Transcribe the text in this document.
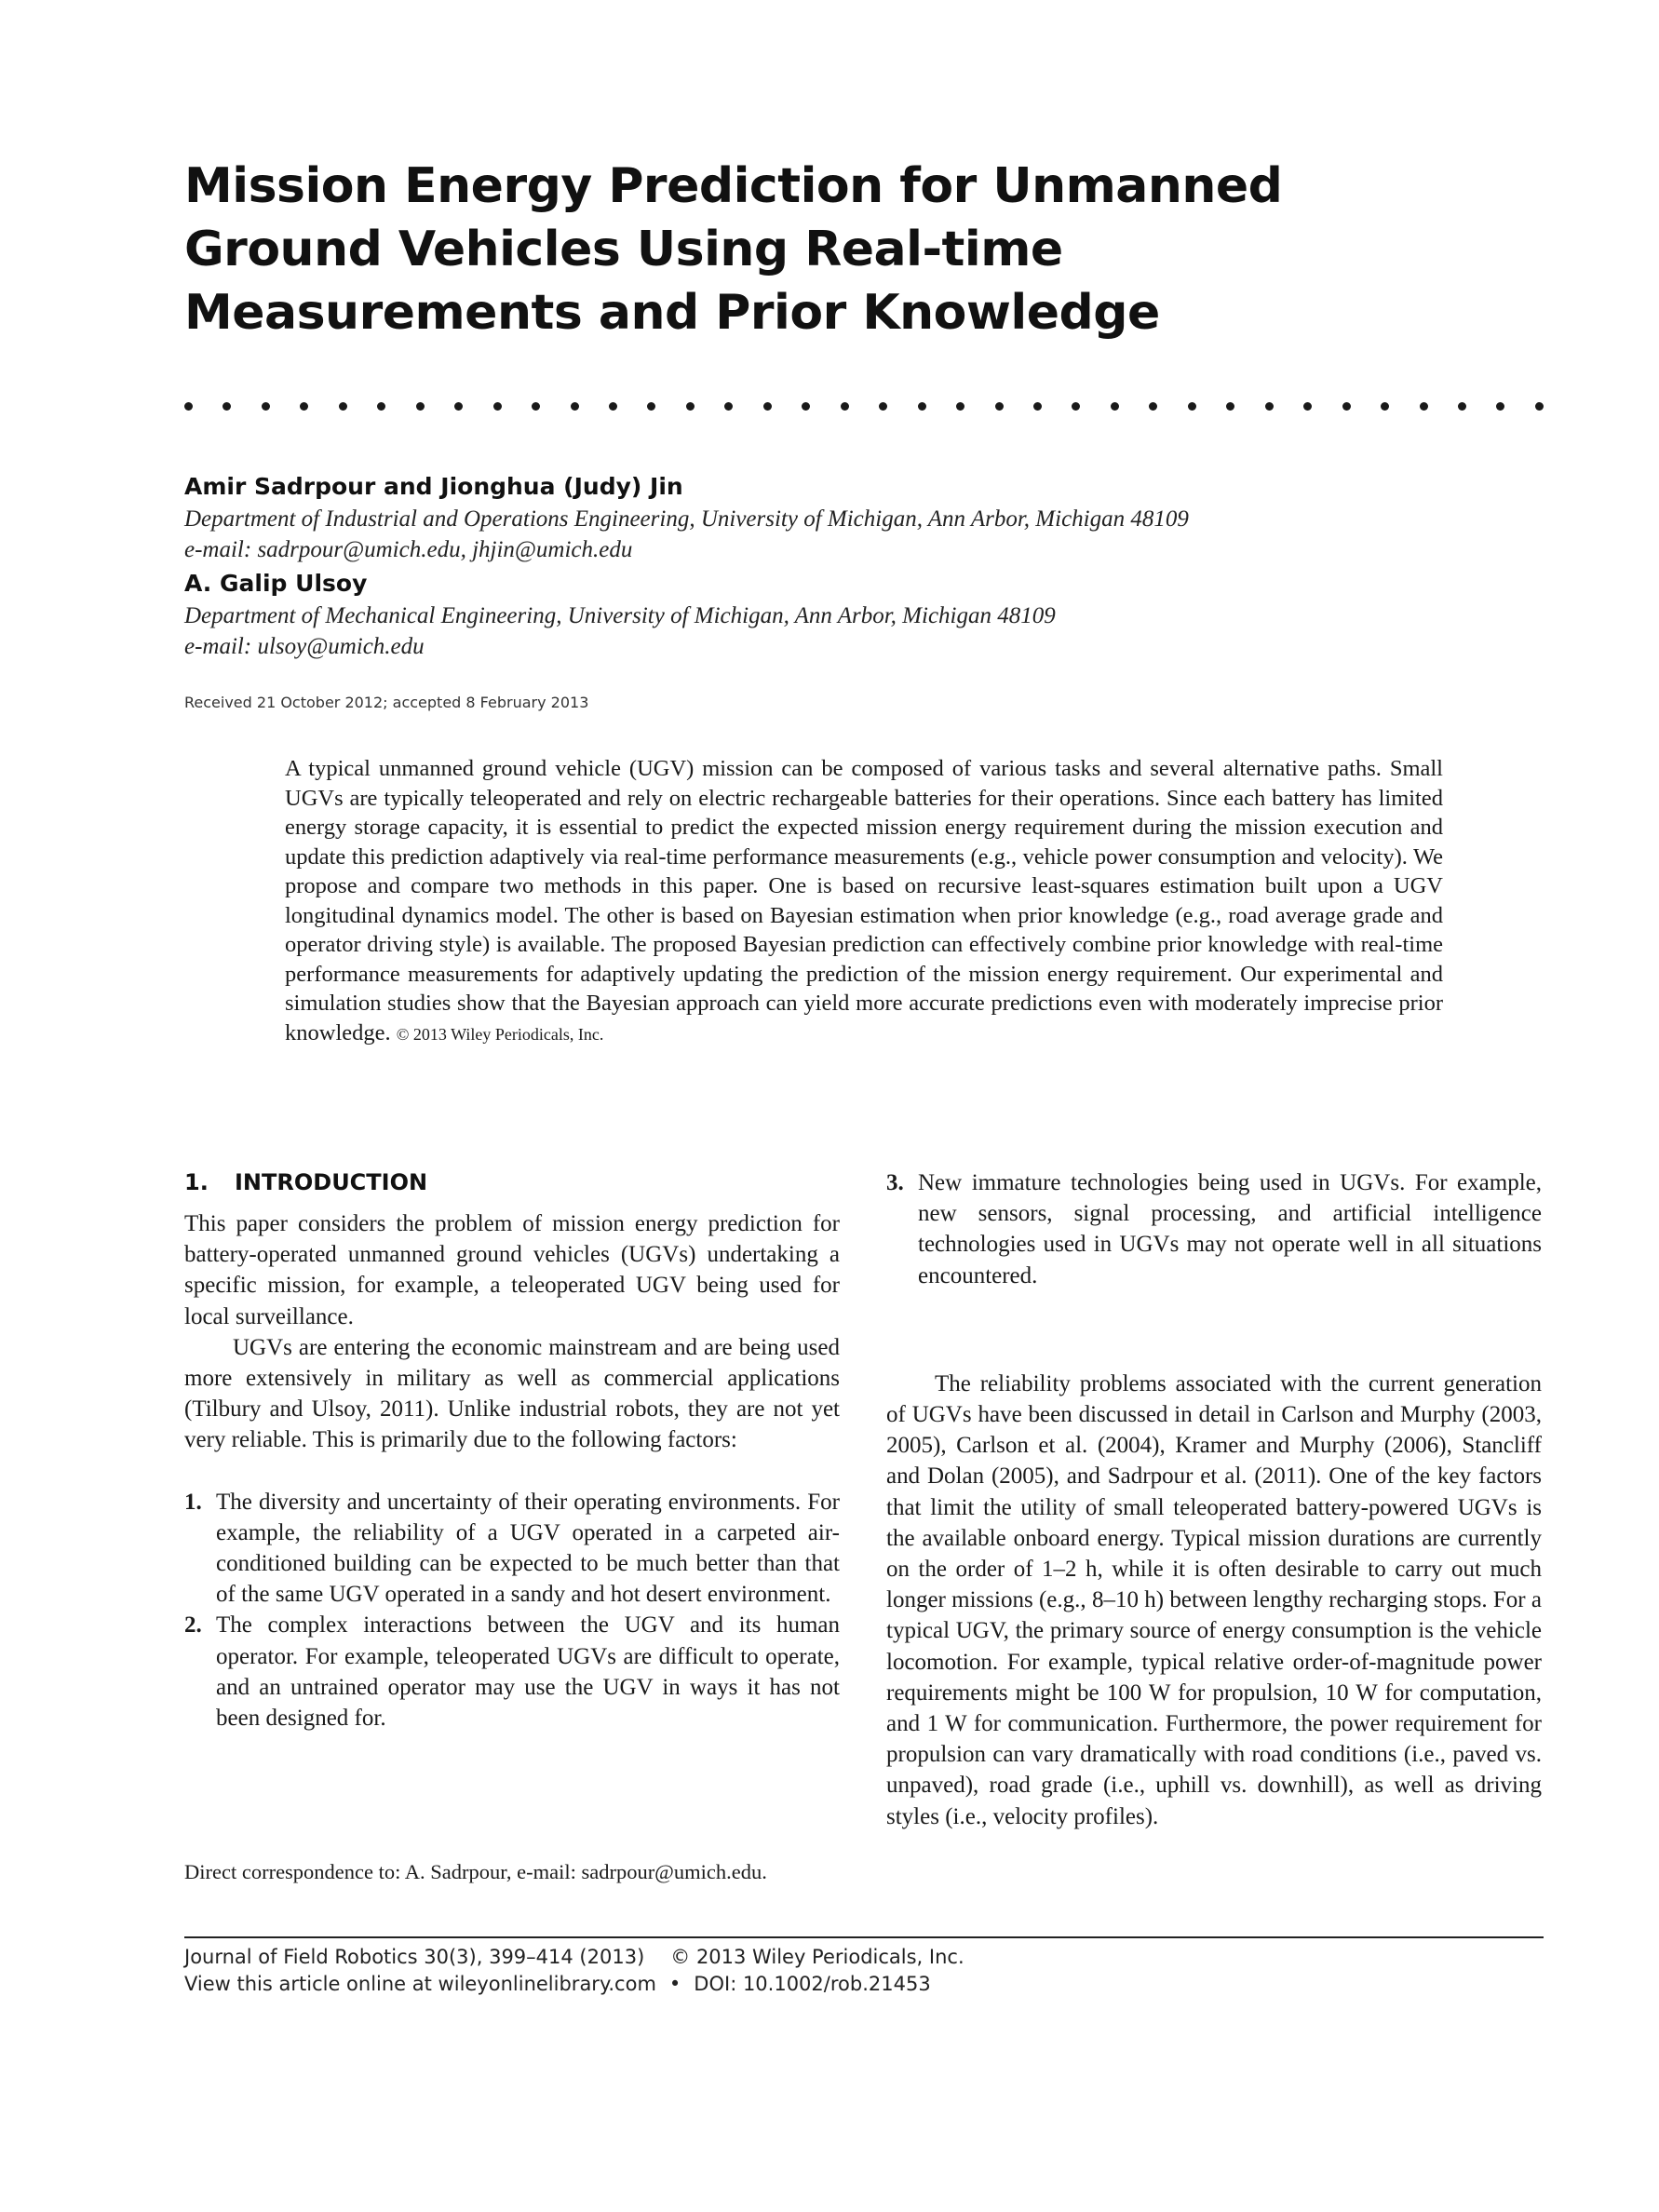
Mission Energy Prediction for Unmanned Ground Vehicles Using Real-time Measurements and Prior Knowledge
Amir Sadrpour and Jionghua (Judy) Jin
Department of Industrial and Operations Engineering, University of Michigan, Ann Arbor, Michigan 48109
e-mail: sadrpour@umich.edu, jhjin@umich.edu
A. Galip Ulsoy
Department of Mechanical Engineering, University of Michigan, Ann Arbor, Michigan 48109
e-mail: ulsoy@umich.edu
Received 21 October 2012; accepted 8 February 2013

A typical unmanned ground vehicle (UGV) mission can be composed of various tasks and several alternative paths. Small UGVs are typically teleoperated and rely on electric rechargeable batteries for their operations. Since each battery has limited energy storage capacity, it is essential to predict the expected mission energy requirement during the mission execution and update this prediction adaptively via real-time performance measurements (e.g., vehicle power consumption and velocity). We propose and compare two methods in this paper. One is based on recursive least-squares estimation built upon a UGV longitudinal dynamics model. The other is based on Bayesian estimation when prior knowledge (e.g., road average grade and operator driving style) is available. The proposed Bayesian prediction can effectively combine prior knowledge with real-time performance measurements for adaptively updating the prediction of the mission energy requirement. Our experimental and simulation studies show that the Bayesian approach can yield more accurate predictions even with moderately imprecise prior knowledge. © 2013 Wiley Periodicals, Inc.

1. INTRODUCTION

This paper considers the problem of mission energy prediction for battery-operated unmanned ground vehicles (UGVs) undertaking a specific mission, for example, a teleoperated UGV being used for local surveillance.

UGVs are entering the economic mainstream and are being used more extensively in military as well as commercial applications (Tilbury and Ulsoy, 2011). Unlike industrial robots, they are not yet very reliable. This is primarily due to the following factors:

1. The diversity and uncertainty of their operating environments. For example, the reliability of a UGV operated in a carpeted air-conditioned building can be expected to be much better than that of the same UGV operated in a sandy and hot desert environment.
2. The complex interactions between the UGV and its human operator. For example, teleoperated UGVs are difficult to operate, and an untrained operator may use the UGV in ways it has not been designed for.

Direct correspondence to: A. Sadrpour, e-mail: sadrpour@umich.edu.

3. New immature technologies being used in UGVs. For example, new sensors, signal processing, and artificial intelligence technologies used in UGVs may not operate well in all situations encountered.

The reliability problems associated with the current generation of UGVs have been discussed in detail in Carlson and Murphy (2003, 2005), Carlson et al. (2004), Kramer and Murphy (2006), Stancliff and Dolan (2005), and Sadrpour et al. (2011). One of the key factors that limit the utility of small teleoperated battery-powered UGVs is the available onboard energy. Typical mission durations are currently on the order of 1–2 h, while it is often desirable to carry out much longer missions (e.g., 8–10 h) between lengthy recharging stops. For a typical UGV, the primary source of energy consumption is the vehicle locomotion. For example, typical relative order-of-magnitude power requirements might be 100 W for propulsion, 10 W for computation, and 1 W for communication. Furthermore, the power requirement for propulsion can vary dramatically with road conditions (i.e., paved vs. unpaved), road grade (i.e., uphill vs. downhill), as well as driving styles (i.e., velocity profiles).

Journal of Field Robotics 30(3), 399–414 (2013) © 2013 Wiley Periodicals, Inc.
View this article online at wileyonlinelibrary.com • DOI: 10.1002/rob.21453
